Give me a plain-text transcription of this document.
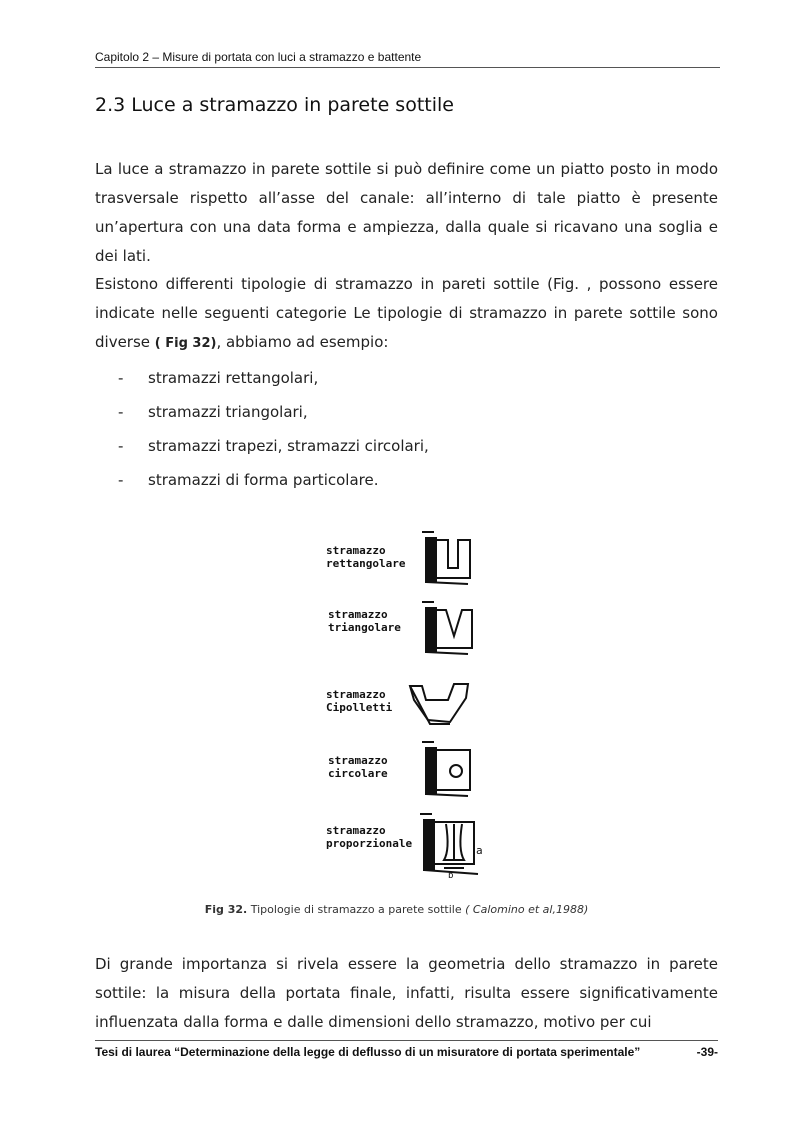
Capitolo 2 – Misure di portata con luci a stramazzo e battente
2.3 Luce a stramazzo in parete sottile

La luce a stramazzo in parete sottile si può definire come un piatto posto in modo trasversale rispetto all’asse del canale: all’interno di tale piatto è presente un’apertura con una data forma e ampiezza, dalla quale si ricavano una soglia e dei lati.

Esistono differenti tipologie di stramazzo in pareti sottile (Fig. , possono essere indicate nelle seguenti categorie Le tipologie di stramazzo in parete sottile sono diverse ( Fig 32), abbiamo ad esempio:

- stramazzi rettangolari,
- stramazzi triangolari,
- stramazzi trapezi, stramazzi circolari,
- stramazzi di forma particolare.
stramazzo
rettangolare
stramazzo
triangolare
stramazzo
Cipolletti
stramazzo
circolare
stramazzo
proporzionale
a
b
Fig 32. Tipologie di stramazzo a parete sottile ( Calomino et al,1988)

Di grande importanza si rivela essere la geometria dello stramazzo in parete sottile: la misura della portata finale, infatti, risulta essere significativamente influenzata dalla forma e dalle dimensioni dello stramazzo, motivo per cui

Tesi di laurea “Determinazione della legge di deflusso di un misuratore di portata sperimentale”	-39-
